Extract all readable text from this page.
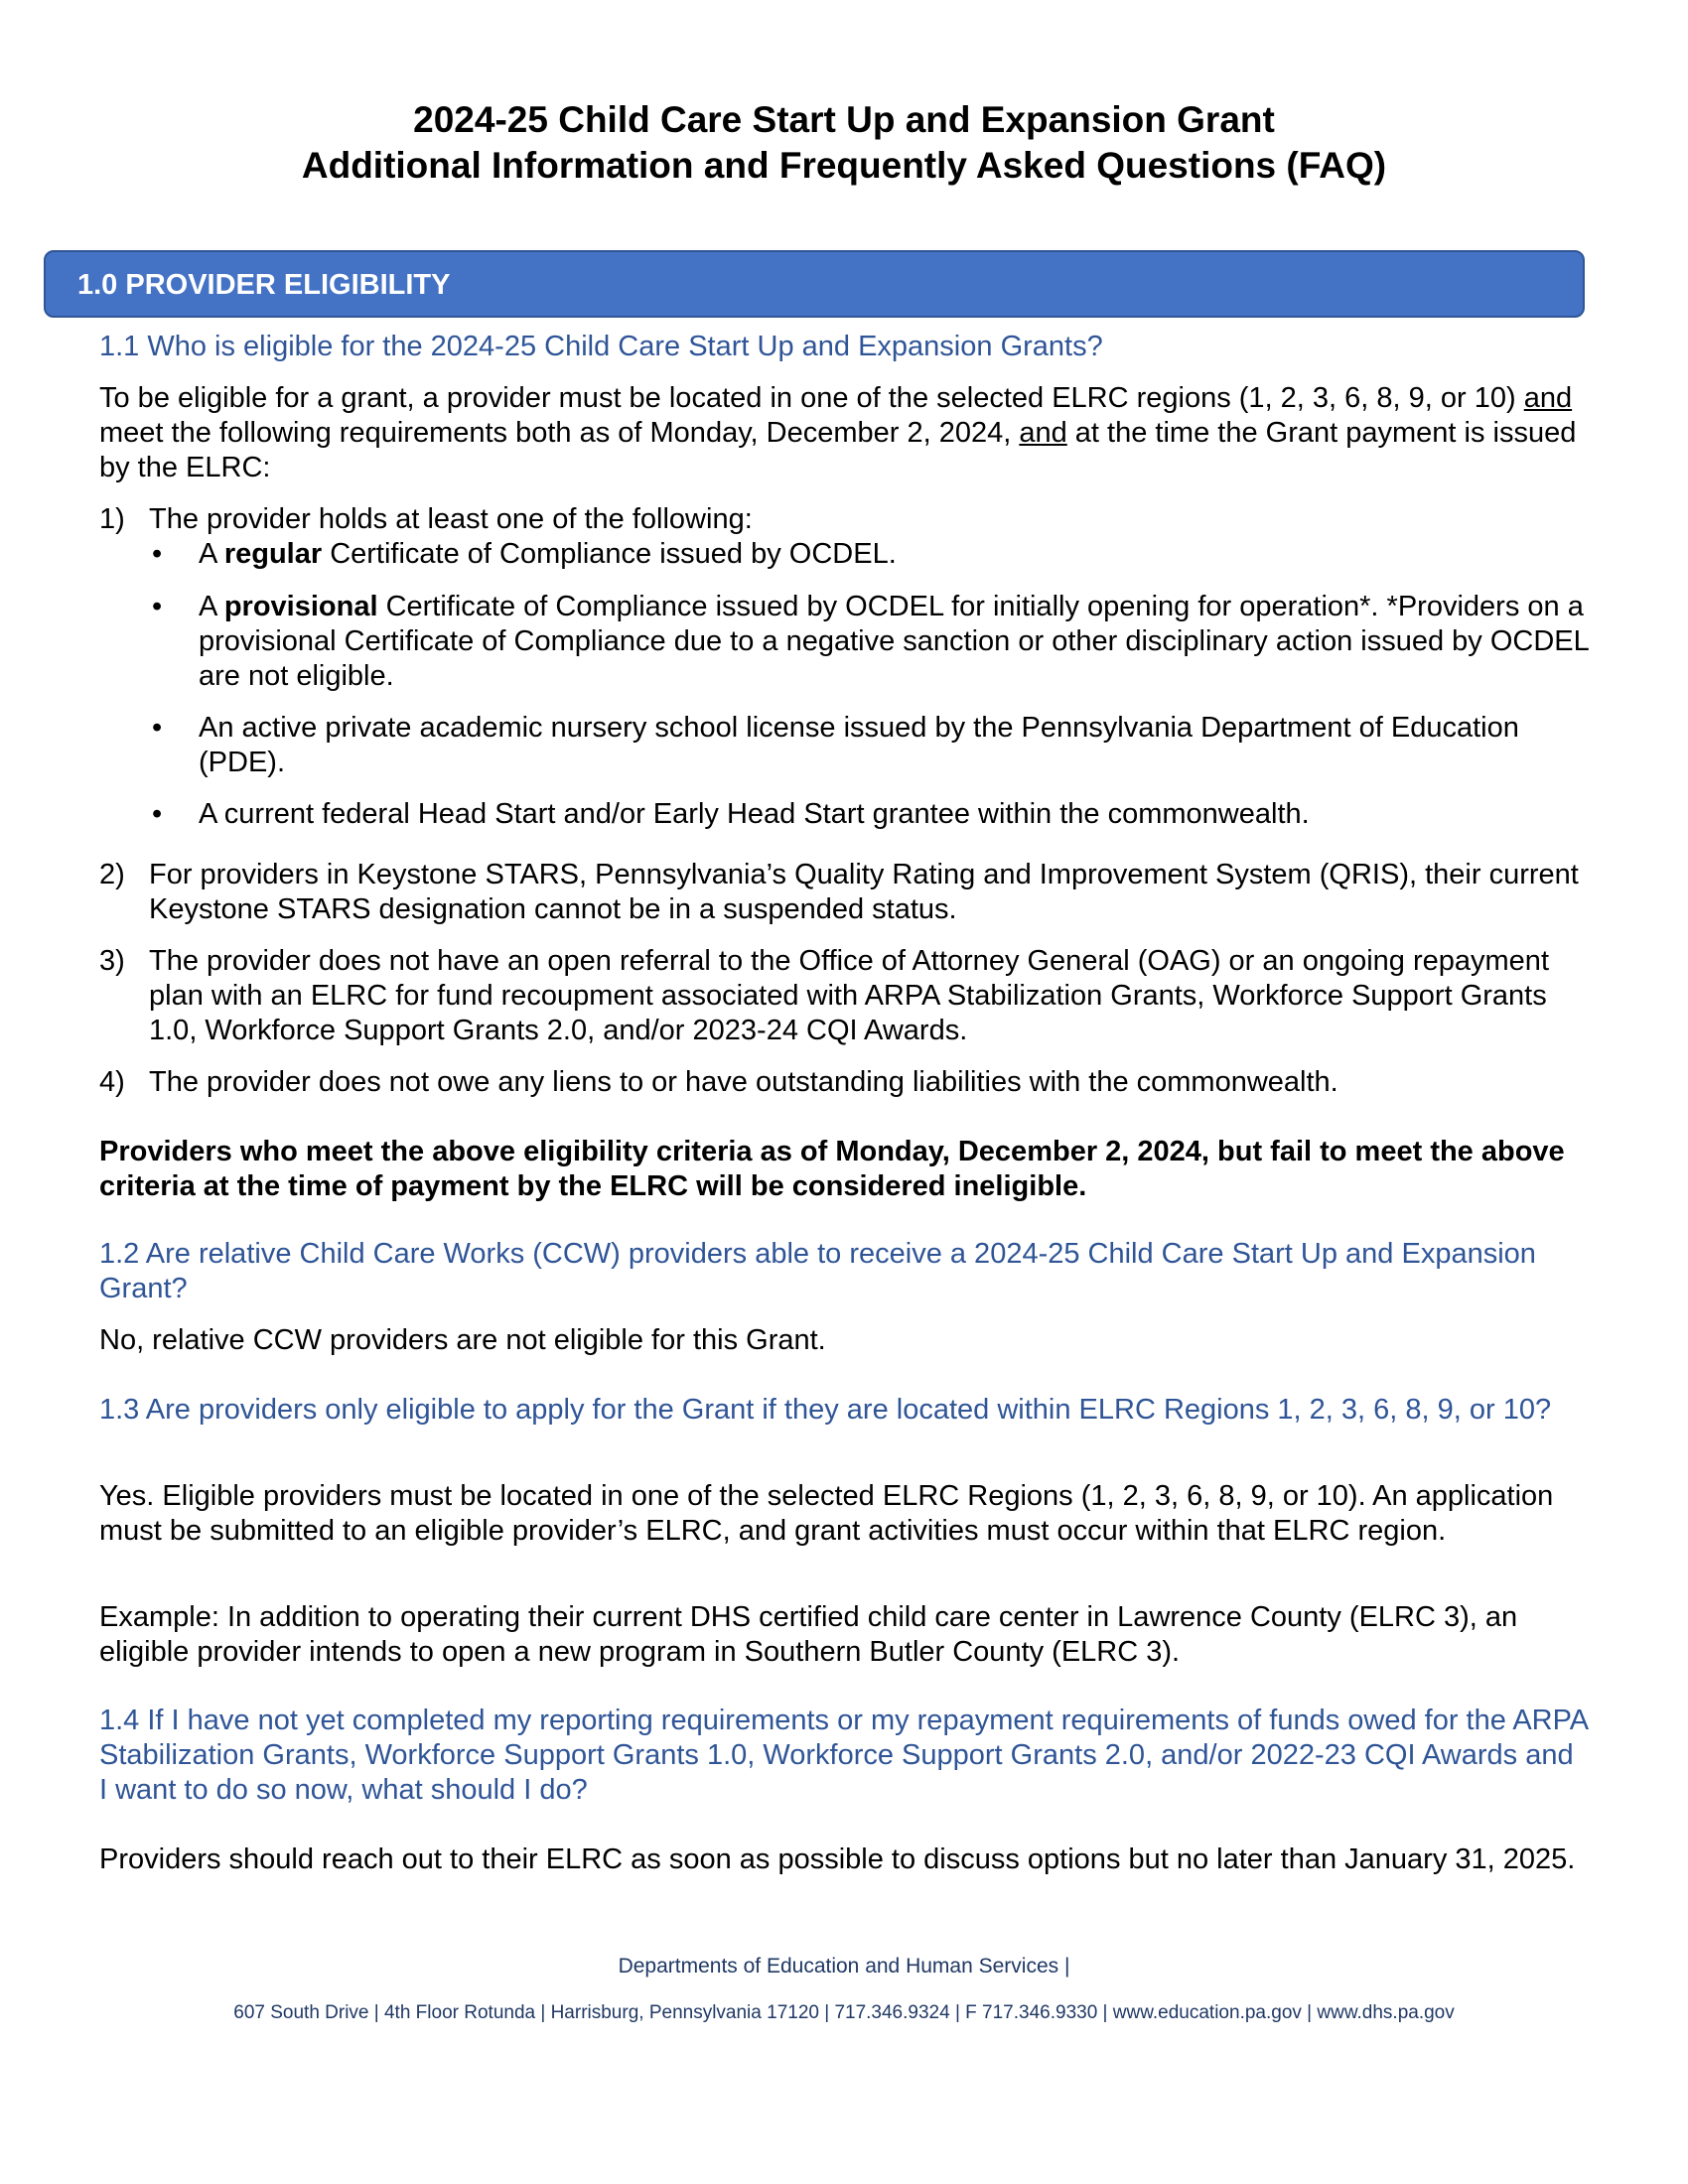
2024-25 Child Care Start Up and Expansion Grant
Additional Information and Frequently Asked Questions (FAQ)
1.0 PROVIDER ELIGIBILITY
1.1 Who is eligible for the 2024-25 Child Care Start Up and Expansion Grants?
To be eligible for a grant, a provider must be located in one of the selected ELRC regions (1, 2, 3, 6, 8, 9, or 10) and meet the following requirements both as of Monday, December 2, 2024, and at the time the Grant payment is issued by the ELRC:
1) The provider holds at least one of the following:
• A regular Certificate of Compliance issued by OCDEL.
• A provisional Certificate of Compliance issued by OCDEL for initially opening for operation*. *Providers on a provisional Certificate of Compliance due to a negative sanction or other disciplinary action issued by OCDEL are not eligible.
• An active private academic nursery school license issued by the Pennsylvania Department of Education (PDE).
• A current federal Head Start and/or Early Head Start grantee within the commonwealth.
2) For providers in Keystone STARS, Pennsylvania’s Quality Rating and Improvement System (QRIS), their current Keystone STARS designation cannot be in a suspended status.
3) The provider does not have an open referral to the Office of Attorney General (OAG) or an ongoing repayment plan with an ELRC for fund recoupment associated with ARPA Stabilization Grants, Workforce Support Grants 1.0, Workforce Support Grants 2.0, and/or 2023-24 CQI Awards.
4) The provider does not owe any liens to or have outstanding liabilities with the commonwealth.
Providers who meet the above eligibility criteria as of Monday, December 2, 2024, but fail to meet the above criteria at the time of payment by the ELRC will be considered ineligible.
1.2 Are relative Child Care Works (CCW) providers able to receive a 2024-25 Child Care Start Up and Expansion Grant?
No, relative CCW providers are not eligible for this Grant.
1.3 Are providers only eligible to apply for the Grant if they are located within ELRC Regions 1, 2, 3, 6, 8, 9, or 10?
Yes. Eligible providers must be located in one of the selected ELRC Regions (1, 2, 3, 6, 8, 9, or 10). An application must be submitted to an eligible provider’s ELRC, and grant activities must occur within that ELRC region.
Example: In addition to operating their current DHS certified child care center in Lawrence County (ELRC 3), an eligible provider intends to open a new program in Southern Butler County (ELRC 3).
1.4 If I have not yet completed my reporting requirements or my repayment requirements of funds owed for the ARPA Stabilization Grants, Workforce Support Grants 1.0, Workforce Support Grants 2.0, and/or 2022-23 CQI Awards and I want to do so now, what should I do?
Providers should reach out to their ELRC as soon as possible to discuss options but no later than January 31, 2025.
Departments of Education and Human Services |
607 South Drive | 4th Floor Rotunda | Harrisburg, Pennsylvania 17120 | 717.346.9324 | F 717.346.9330 | www.education.pa.gov | www.dhs.pa.gov
